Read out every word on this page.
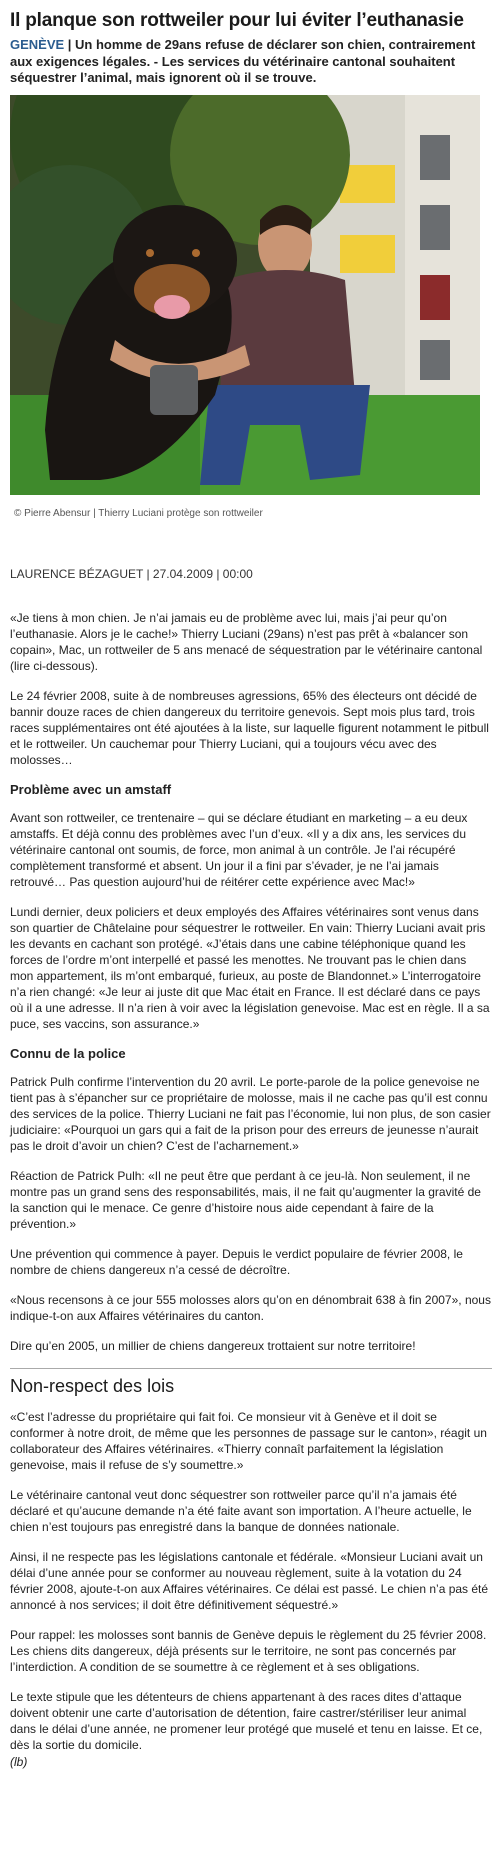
Il planque son rottweiler pour lui éviter l’euthanasie
GENÈVE | Un homme de 29ans refuse de déclarer son chien, contrairement aux exigences légales. - Les services du vétérinaire cantonal souhaitent séquestrer l’animal, mais ignorent où il se trouve.
© Pierre Abensur | Thierry Luciani protège son rottweiler
LAURENCE BÉZAGUET | 27.04.2009 | 00:00

«Je tiens à mon chien. Je n’ai jamais eu de problème avec lui, mais j’ai peur qu’on l’euthanasie. Alors je le cache!» Thierry Luciani (29ans) n’est pas prêt à «balancer son copain», Mac, un rottweiler de 5 ans menacé de séquestration par le vétérinaire cantonal (lire ci-dessous).

Le 24 février 2008, suite à de nombreuses agressions, 65% des électeurs ont décidé de bannir douze races de chien dangereux du territoire genevois. Sept mois plus tard, trois races supplémentaires ont été ajoutées à la liste, sur laquelle figurent notamment le pitbull et le rottweiler. Un cauchemar pour Thierry Luciani, qui a toujours vécu avec des molosses…

Problème avec un amstaff

Avant son rottweiler, ce trentenaire – qui se déclare étudiant en marketing – a eu deux amstaffs. Et déjà connu des problèmes avec l’un d’eux. «Il y a dix ans, les services du vétérinaire cantonal ont soumis, de force, mon animal à un contrôle. Je l’ai récupéré complètement transformé et absent. Un jour il a fini par s’évader, je ne l’ai jamais retrouvé… Pas question aujourd’hui de réitérer cette expérience avec Mac!»

Lundi dernier, deux policiers et deux employés des Affaires vétérinaires sont venus dans son quartier de Châtelaine pour séquestrer le rottweiler. En vain: Thierry Luciani avait pris les devants en cachant son protégé. «J’étais dans une cabine téléphonique quand les forces de l’ordre m’ont interpellé et passé les menottes. Ne trouvant pas le chien dans mon appartement, ils m’ont embarqué, furieux, au poste de Blandonnet.» L’interrogatoire n’a rien changé: «Je leur ai juste dit que Mac était en France. Il est déclaré dans ce pays où il a une adresse. Il n’a rien à voir avec la législation genevoise. Mac est en règle. Il a sa puce, ses vaccins, son assurance.»

Connu de la police

Patrick Pulh confirme l’intervention du 20 avril. Le porte-parole de la police genevoise ne tient pas à s’épancher sur ce propriétaire de molosse, mais il ne cache pas qu’il est connu des services de la police. Thierry Luciani ne fait pas l’économie, lui non plus, de son casier judiciaire: «Pourquoi un gars qui a fait de la prison pour des erreurs de jeunesse n’aurait pas le droit d’avoir un chien? C’est de l’acharnement.»

Réaction de Patrick Pulh: «Il ne peut être que perdant à ce jeu-là. Non seulement, il ne montre pas un grand sens des responsabilités, mais, il ne fait qu’augmenter la gravité de la sanction qui le menace. Ce genre d’histoire nous aide cependant à faire de la prévention.»

Une prévention qui commence à payer. Depuis le verdict populaire de février 2008, le nombre de chiens dangereux n’a cessé de décroître.

«Nous recensons à ce jour 555 molosses alors qu’on en dénombrait 638 à fin 2007», nous indique-t-on aux Affaires vétérinaires du canton.

Dire qu’en 2005, un millier de chiens dangereux trottaient sur notre territoire!

Non-respect des lois

«C’est l’adresse du propriétaire qui fait foi. Ce monsieur vit à Genève et il doit se conformer à notre droit, de même que les personnes de passage sur le canton», réagit un collaborateur des Affaires vétérinaires. «Thierry connaît parfaitement la législation genevoise, mais il refuse de s’y soumettre.»

Le vétérinaire cantonal veut donc séquestrer son rottweiler parce qu’il n’a jamais été déclaré et qu’aucune demande n’a été faite avant son importation. A l’heure actuelle, le chien n’est toujours pas enregistré dans la banque de données nationale.

Ainsi, il ne respecte pas les législations cantonale et fédérale. «Monsieur Luciani avait un délai d’une année pour se conformer au nouveau règlement, suite à la votation du 24 février 2008, ajoute-t-on aux Affaires vétérinaires. Ce délai est passé. Le chien n’a pas été annoncé à nos services; il doit être définitivement séquestré.»

Pour rappel: les molosses sont bannis de Genève depuis le règlement du 25 février 2008. Les chiens dits dangereux, déjà présents sur le territoire, ne sont pas concernés par l’interdiction. A condition de se soumettre à ce règlement et à ses obligations.

Le texte stipule que les détenteurs de chiens appartenant à des races dites d’attaque doivent obtenir une carte d’autorisation de détention, faire castrer/stériliser leur animal dans le délai d’une année, ne promener leur protégé que muselé et tenu en laisse. Et ce, dès la sortie du domicile.

(lb)
